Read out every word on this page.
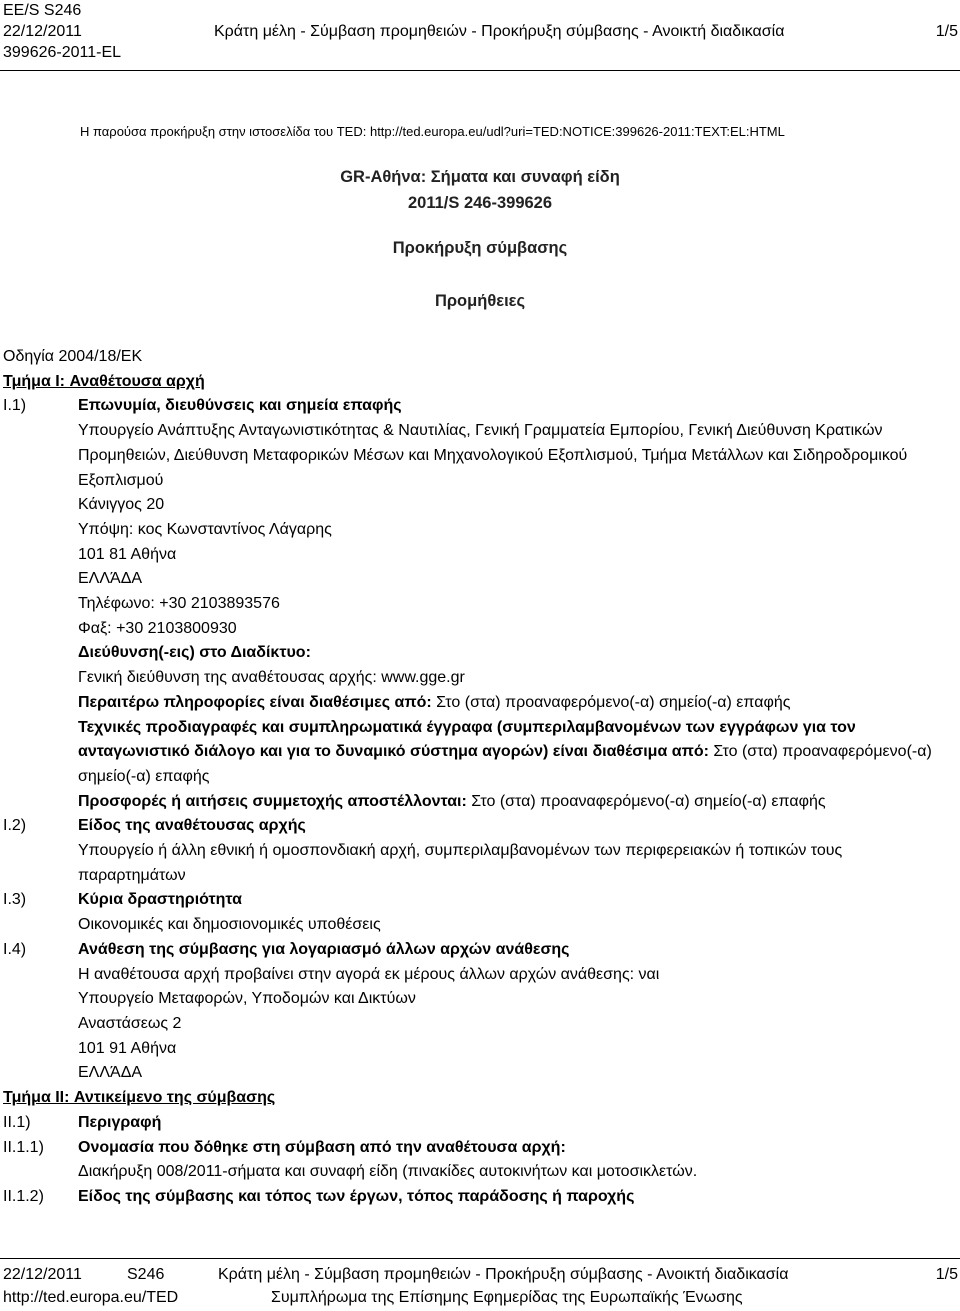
EE/S S246
22/12/2011	Κράτη μέλη - Σύμβαση προμηθειών - Προκήρυξη σύμβασης - Ανοικτή διαδικασία	1/5
399626-2011-EL
Η παρούσα προκήρυξη στην ιστοσελίδα του TED: http://ted.europa.eu/udl?uri=TED:NOTICE:399626-2011:TEXT:EL:HTML
GR-Αθήνα: Σήματα και συναφή είδη
2011/S 246-399626
Προκήρυξη σύμβασης
Προμήθειες
Οδηγία 2004/18/ΕΚ
Τμήμα I: Αναθέτουσα αρχή
I.1)	Επωνυμία, διευθύνσεις και σημεία επαφής
Υπουργείο Ανάπτυξης Ανταγωνιστικότητας & Ναυτιλίας, Γενική Γραμματεία Εμπορίου, Γενική Διεύθυνση Κρατικών Προμηθειών, Διεύθυνση Μεταφορικών Μέσων και Μηχανολογικού Εξοπλισμού, Τμήμα Μετάλλων και Σιδηροδρομικού Εξοπλισμού
Κάνιγγος 20
Υπόψη: κος Κωνσταντίνος Λάγαρης
101 81 Αθήνα
ΕΛΛΆΔΑ
Τηλέφωνο: +30 2103893576
Φαξ: +30 2103800930
Διεύθυνση(-εις) στο Διαδίκτυο:
Γενική διεύθυνση της αναθέτουσας αρχής: www.gge.gr
Περαιτέρω πληροφορίες είναι διαθέσιμες από: Στο (στα) προαναφερόμενο(-α) σημείο(-α) επαφής
Τεχνικές προδιαγραφές και συμπληρωματικά έγγραφα (συμπεριλαμβανομένων των εγγράφων για τον ανταγωνιστικό διάλογο και για το δυναμικό σύστημα αγορών) είναι διαθέσιμα από: Στο (στα) προαναφερόμενο(-α) σημείο(-α) επαφής
Προσφορές ή αιτήσεις συμμετοχής αποστέλλονται: Στο (στα) προαναφερόμενο(-α) σημείο(-α) επαφής
I.2)	Είδος της αναθέτουσας αρχής
Υπουργείο ή άλλη εθνική ή ομοσπονδιακή αρχή, συμπεριλαμβανομένων των περιφερειακών ή τοπικών τους παραρτημάτων
I.3)	Κύρια δραστηριότητα
Οικονομικές και δημοσιονομικές υποθέσεις
I.4)	Ανάθεση της σύμβασης για λογαριασμό άλλων αρχών ανάθεσης
Η αναθέτουσα αρχή προβαίνει στην αγορά εκ μέρους άλλων αρχών ανάθεσης: ναι
Υπουργείο Μεταφορών, Υποδομών και Δικτύων
Αναστάσεως 2
101 91 Αθήνα
ΕΛΛΆΔΑ
Τμήμα II: Αντικείμενο της σύμβασης
II.1)	Περιγραφή
II.1.1) Ονομασία που δόθηκε στη σύμβαση από την αναθέτουσα αρχή:
Διακήρυξη 008/2011-σήματα και συναφή είδη (πινακίδες αυτοκινήτων και μοτοσικλετών.
II.1.2) Είδος της σύμβασης και τόπος των έργων, τόπος παράδοσης ή παροχής
22/12/2011	S246	Κράτη μέλη - Σύμβαση προμηθειών - Προκήρυξη σύμβασης - Ανοικτή διαδικασία	1/5
http://ted.europa.eu/TED	Συμπλήρωμα της Επίσημης Εφημερίδας της Ευρωπαϊκής Ένωσης
